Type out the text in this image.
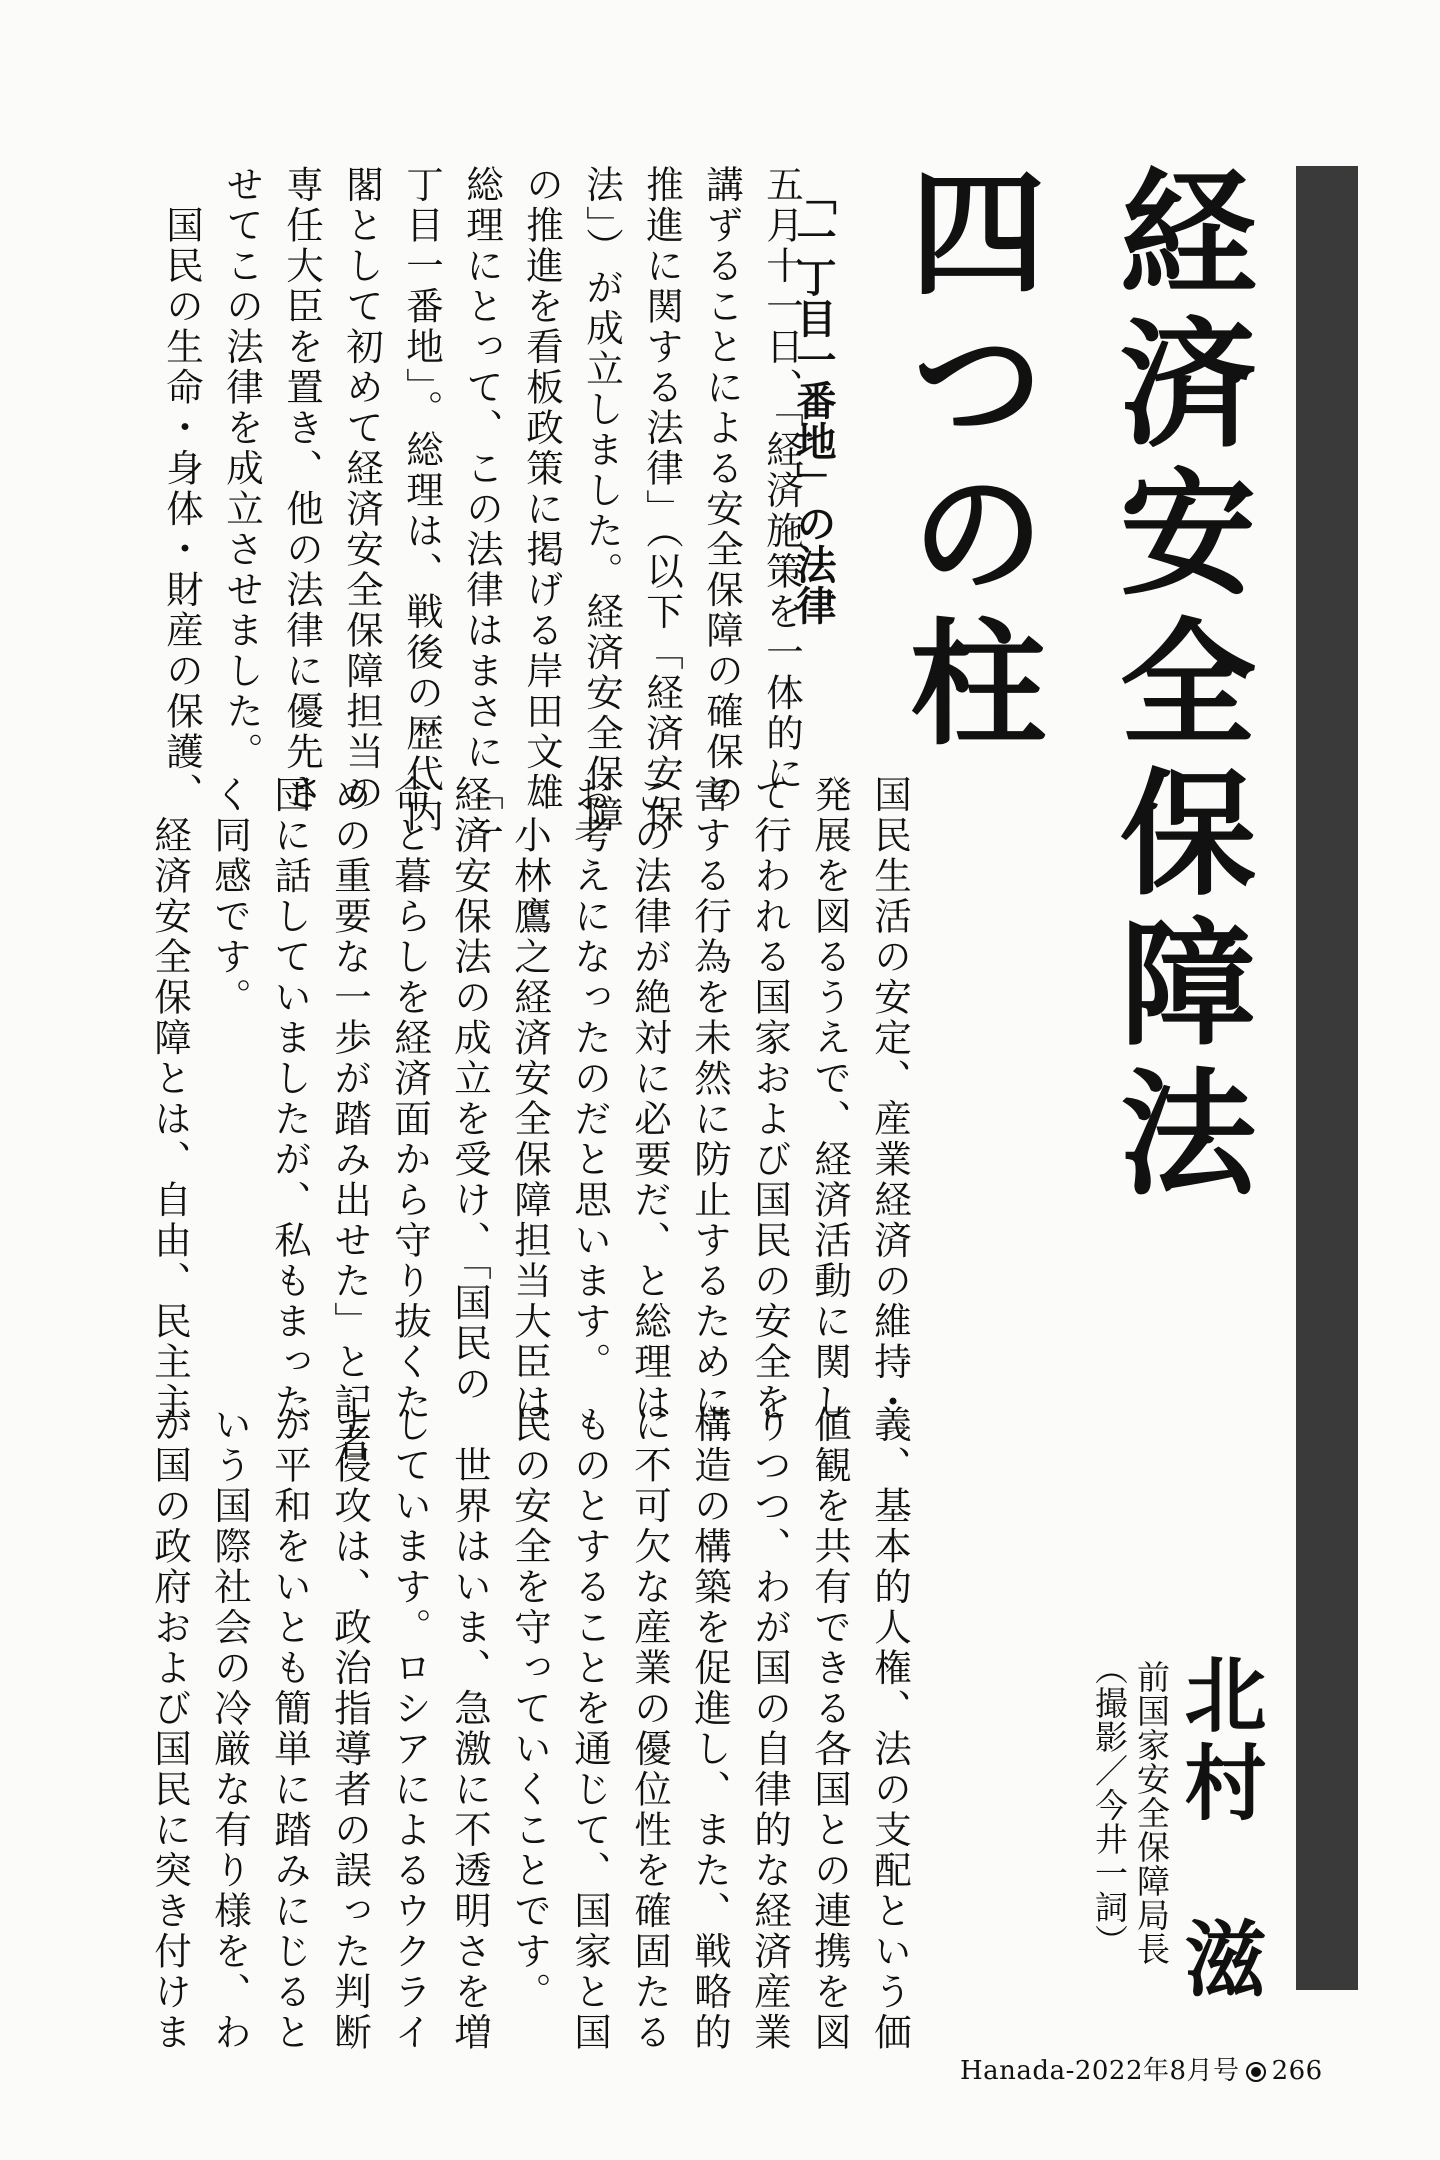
経済安全保障法
四つの柱
北村　滋
前国家安全保障局長
（撮影／今井一詞）
「一丁目一番地」の法律
五月十一日、「経済施策を一体的に
講ずることによる安全保障の確保の
推進に関する法律」（以下「経済安保
法」）が成立しました。経済安全保障
の推進を看板政策に掲げる岸田文雄
総理にとって、この法律はまさに「一
丁目一番地」。総理は、戦後の歴代内
閣として初めて経済安全保障担当の
専任大臣を置き、他の法律に優先さ
せてこの法律を成立させました。
　国民の生命・身体・財産の保護、
国民生活の安定、産業経済の維持・
発展を図るうえで、経済活動に関し
て行われる国家および国民の安全を
害する行為を未然に防止するために
この法律が絶対に必要だ、と総理は
お考えになったのだと思います。
　小林鷹之経済安全保障担当大臣は
経済安保法の成立を受け、「国民の
命と暮らしを経済面から守り抜くた
めの重要な一歩が踏み出せた」と記者
団に話していましたが、私もまった
く同感です。
　経済安全保障とは、自由、民主主
義、基本的人権、法の支配という価
値観を共有できる各国との連携を図
りつつ、わが国の自律的な経済産業
構造の構築を促進し、また、戦略的
に不可欠な産業の優位性を確固たる
ものとすることを通じて、国家と国
民の安全を守っていくことです。
　世界はいま、急激に不透明さを増
しています。ロシアによるウクライ
ナ侵攻は、政治指導者の誤った判断
が平和をいとも簡単に踏みにじると
いう国際社会の冷厳な有り様を、わ
が国の政府および国民に突き付けま
Hanada-2022年8月号 266
